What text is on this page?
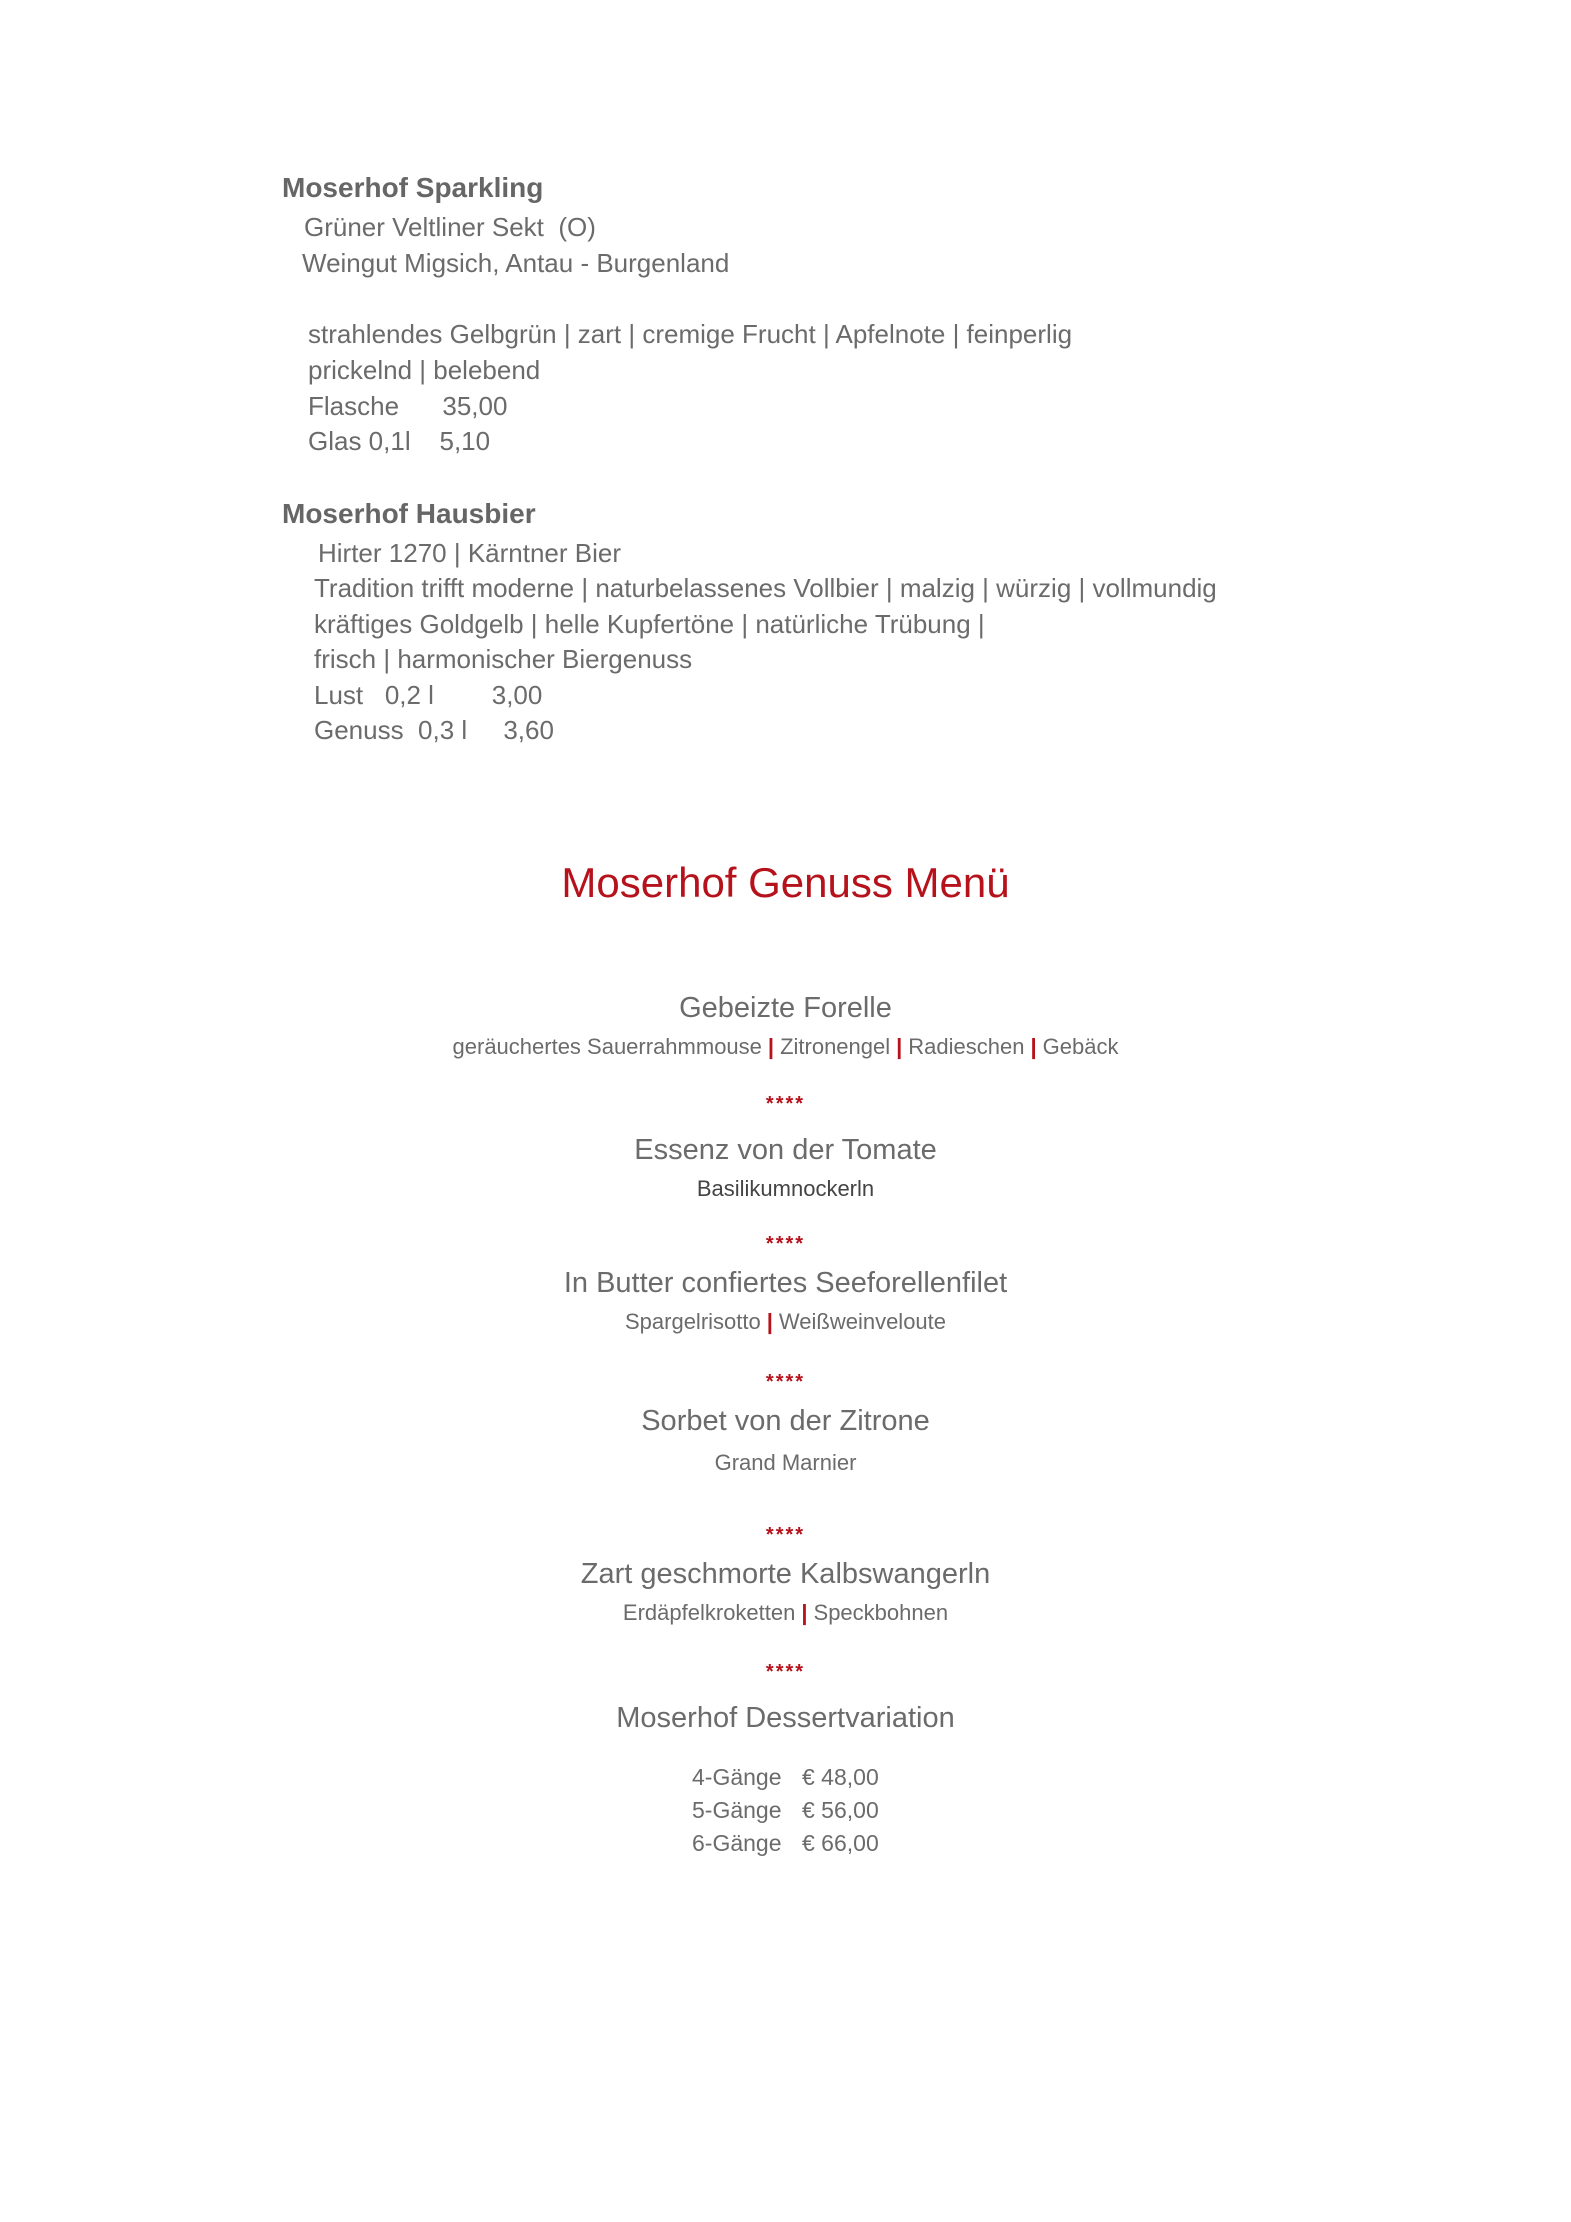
Moserhof Sparkling
Grüner Veltliner Sekt  (O)
Weingut Migsich, Antau - Burgenland
strahlendes Gelbgrün | zart | cremige Frucht | Apfelnote | feinperlig
prickelnd | belebend
Flasche      35,00
Glas 0,1l    5,10
Moserhof Hausbier
Hirter 1270 | Kärntner Bier
Tradition trifft moderne | naturbelassenes Vollbier | malzig | würzig | vollmundig
kräftiges Goldgelb | helle Kupfertöne | natürliche Trübung |
frisch | harmonischer Biergenuss
Lust   0,2 l        3,00
Genuss  0,3 l     3,60
Moserhof Genuss Menü
Gebeizte Forelle
geräuchertes Sauerrahmmouse | Zitronengel | Radieschen | Gebäck
****
Essenz von der Tomate
Basilikumnockerln
****
In Butter confiertes Seeforellenfilet
Spargelrisotto | Weißweinveloute
****
Sorbet von der Zitrone
Grand Marnier
****
Zart geschmorte Kalbswangerln
Erdäpfelkroketten | Speckbohnen
****
Moserhof Dessertvariation
4-Gänge € 48,00
5-Gänge € 56,00
6-Gänge € 66,00
